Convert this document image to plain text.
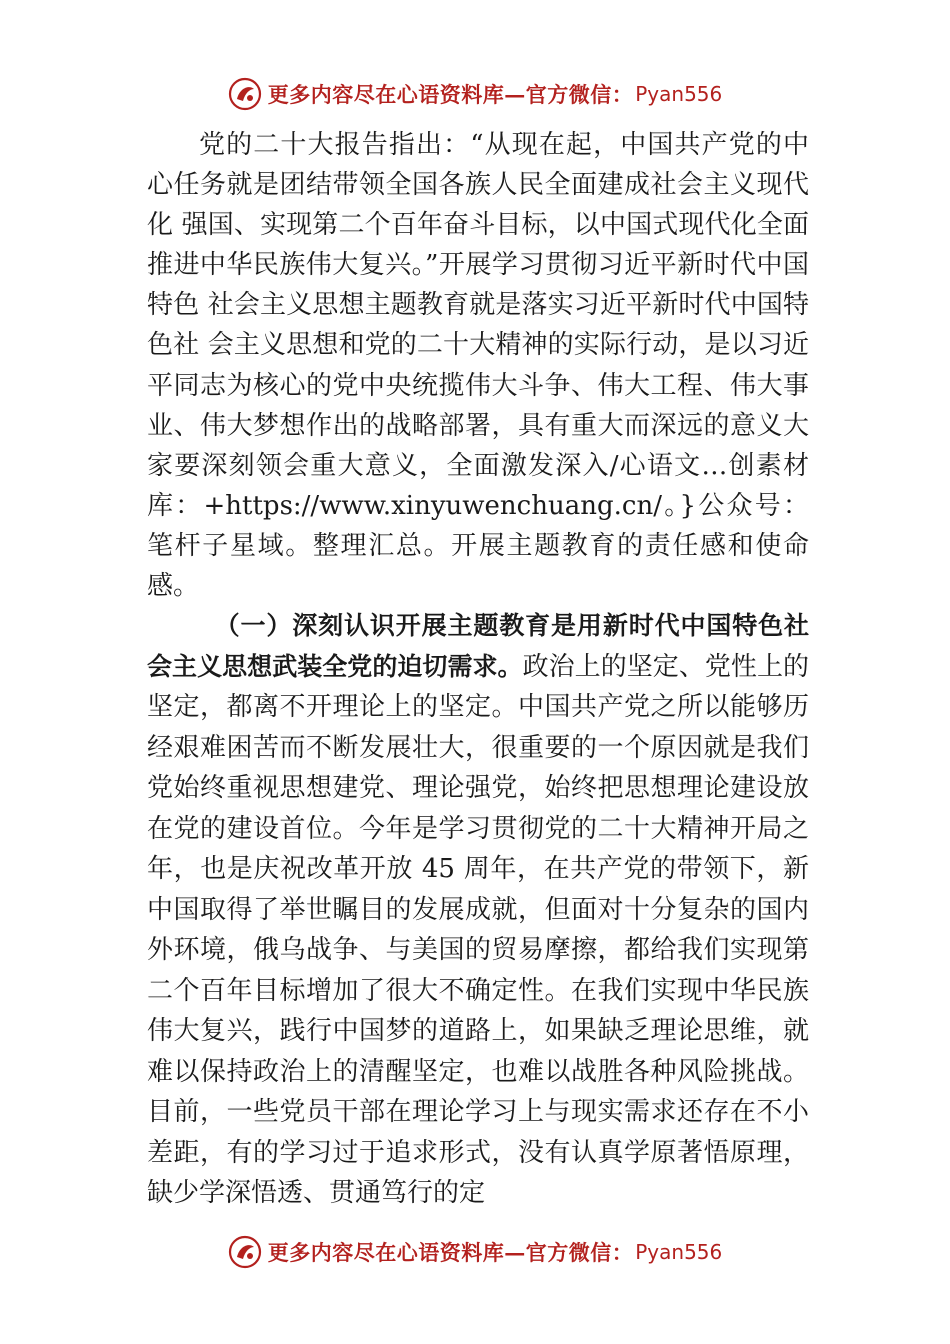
更多内容尽在心语资料库—官方微信： Pyan556

党的二十大报告指出：“从现在起，中国共产党的中心任务就是团结带领全国各族人民全面建成社会主义现代化 强国、实现第二个百年奋斗目标，以中国式现代化全面推进中华民族伟大复兴。”开展学习贯彻习近平新时代中国特色 社会主义思想主题教育就是落实习近平新时代中国特色社 会主义思想和党的二十大精神的实际行动，是以习近平同志为核心的党中央统揽伟大斗争、伟大工程、伟大事业、伟大梦想作出的战略部署，具有重大而深远的意义大家要深刻领会重大意义，全面激发深入/心语文…创素材库：+https://www.xinyuwenchuang.cn/。}公众号：笔杆子星域。整理汇总。开展主题教育的责任感和使命感。

（一）深刻认识开展主题教育是用新时代中国特色社会主义思想武装全党的迫切需求。政治上的坚定、党性上的坚定，都离不开理论上的坚定。中国共产党之所以能够历经艰难困苦而不断发展壮大，很重要的一个原因就是我们党始终重视思想建党、理论强党，始终把思想理论建设放在党的建设首位。今年是学习贯彻党的二十大精神开局之年，也是庆祝改革开放 45 周年，在共产党的带领下，新中国取得了举世瞩目的发展成就，但面对十分复杂的国内外环境，俄乌战争、与美国的贸易摩擦，都给我们实现第二个百年目标增加了很大不确定性。在我们实现中华民族伟大复兴，践行中国梦的道路上，如果缺乏理论思维，就难以保持政治上的清醒坚定，也难以战胜各种风险挑战。目前，一些党员干部在理论学习上与现实需求还存在不小差距，有的学习过于追求形式，没有认真学原著悟原理，缺少学深悟透、贯通笃行的定

更多内容尽在心语资料库—官方微信： Pyan556
